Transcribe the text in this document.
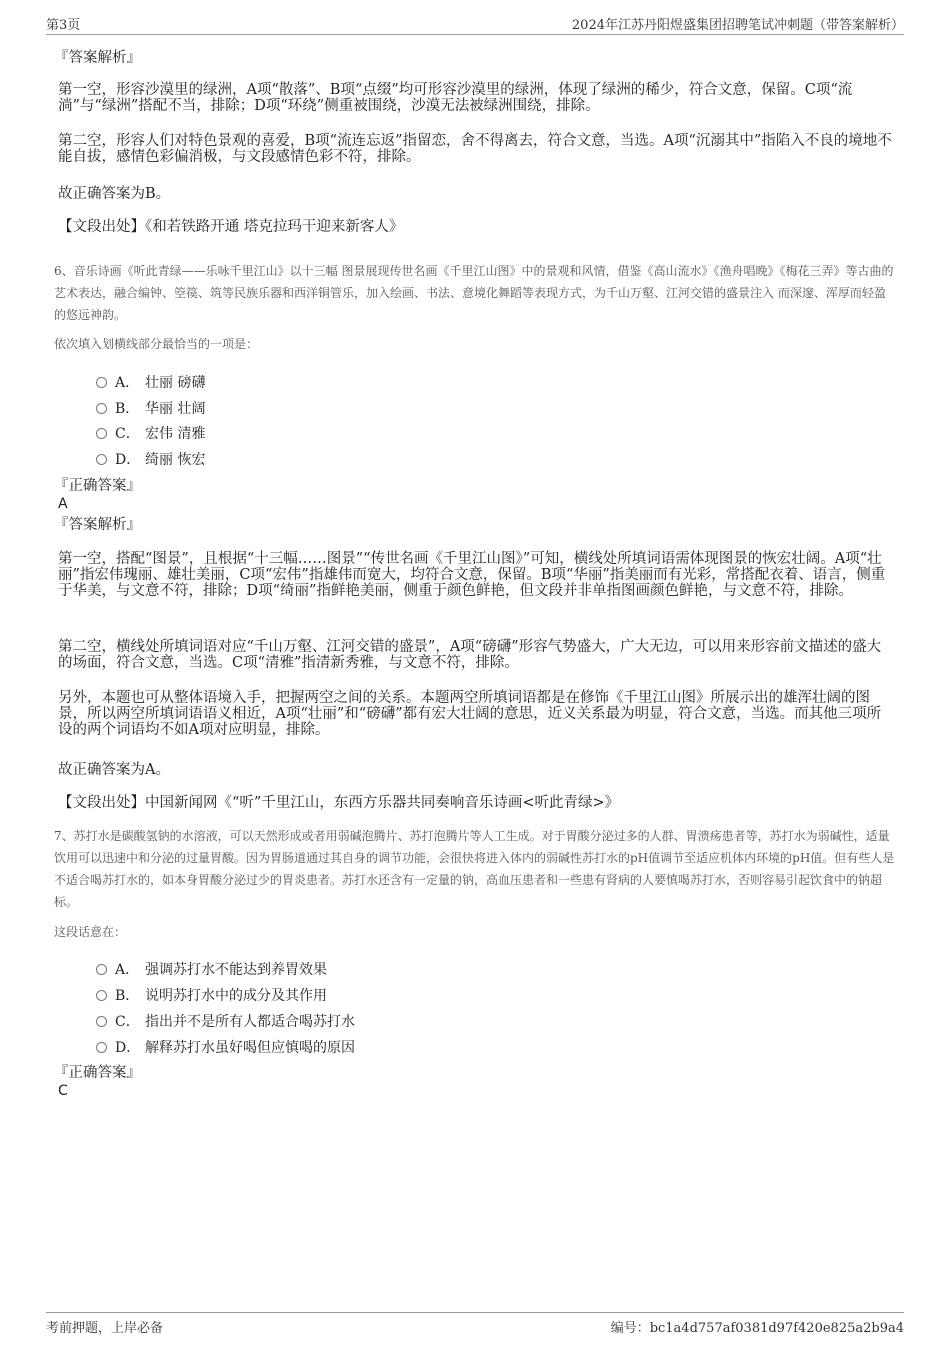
第3页	2024年江苏丹阳煜盛集团招聘笔试冲刺题（带答案解析）
『答案解析』
第一空，形容沙漠里的绿洲，A项“散落”、B项“点缀”均可形容沙漠里的绿洲，体现了绿洲的稀少，符合文意，保留。C项“流淌”与“绿洲”搭配不当，排除；D项“环绕”侧重被围绕，沙漠无法被绿洲围绕，排除。
第二空，形容人们对特色景观的喜爱，B项“流连忘返”指留恋，舍不得离去，符合文意，当选。A项“沉溺其中”指陷入不良的境地不能自拔，感情色彩偏消极，与文段感情色彩不符，排除。
故正确答案为B。
【文段出处】《和若铁路开通 塔克拉玛干迎来新客人》
6、音乐诗画《听此青绿——乐咏千里江山》以十三幅 图景展现传世名画《千里江山图》中的景观和风情，借鉴《高山流水》《渔舟唱晚》《梅花三弄》等古曲的艺术表达，融合编钟、箜篌、筑等民族乐器和西洋铜管乐，加入绘画、书法、意境化舞蹈等表现方式，为千山万壑、江河交错的盛景注入 而深邃、浑厚而轻盈的悠远神韵。
依次填入划横线部分最恰当的一项是：
A． 壮丽 磅礴
B． 华丽 壮阔
C． 宏伟 清雅
D． 绮丽 恢宏
『正确答案』
A
『答案解析』
第一空，搭配“图景”，且根据“十三幅……图景”“传世名画《千里江山图》”可知，横线处所填词语需体现图景的恢宏壮阔。A项“壮丽”指宏伟瑰丽、雄壮美丽，C项“宏伟”指雄伟而宽大，均符合文意，保留。B项“华丽”指美丽而有光彩，常搭配衣着、语言，侧重于华美，与文意不符，排除；D项“绮丽”指鲜艳美丽，侧重于颜色鲜艳，但文段并非单指图画颜色鲜艳，与文意不符，排除。
第二空，横线处所填词语对应“千山万壑、江河交错的盛景”，A项“磅礴”形容气势盛大，广大无边，可以用来形容前文描述的盛大的场面，符合文意，当选。C项“清雅”指清新秀雅，与文意不符，排除。
另外，本题也可从整体语境入手，把握两空之间的关系。本题两空所填词语都是在修饰《千里江山图》所展示出的雄浑壮阔的图景，所以两空所填词语语义相近，A项“壮丽”和“磅礴”都有宏大壮阔的意思，近义关系最为明显，符合文意，当选。而其他三项所设的两个词语均不如A项对应明显，排除。
故正确答案为A。
【文段出处】中国新闻网《“听”千里江山，东西方乐器共同奏响音乐诗画<听此青绿>》
7、苏打水是碳酸氢钠的水溶液，可以天然形成或者用弱碱泡腾片、苏打泡腾片等人工生成。对于胃酸分泌过多的人群、胃溃疡患者等，苏打水为弱碱性，适量饮用可以迅速中和分泌的过量胃酸。因为胃肠道通过其自身的调节功能，会很快将进入体内的弱碱性苏打水的pH值调节至适应机体内环境的pH值。但有些人是不适合喝苏打水的，如本身胃酸分泌过少的胃炎患者。苏打水还含有一定量的钠，高血压患者和一些患有肾病的人要慎喝苏打水，否则容易引起饮食中的钠超标。
这段话意在：
A． 强调苏打水不能达到养胃效果
B． 说明苏打水中的成分及其作用
C． 指出并不是所有人都适合喝苏打水
D． 解释苏打水虽好喝但应慎喝的原因
『正确答案』
C
考前押题，上岸必备	编号：bc1a4d757af0381d97f420e825a2b9a4
